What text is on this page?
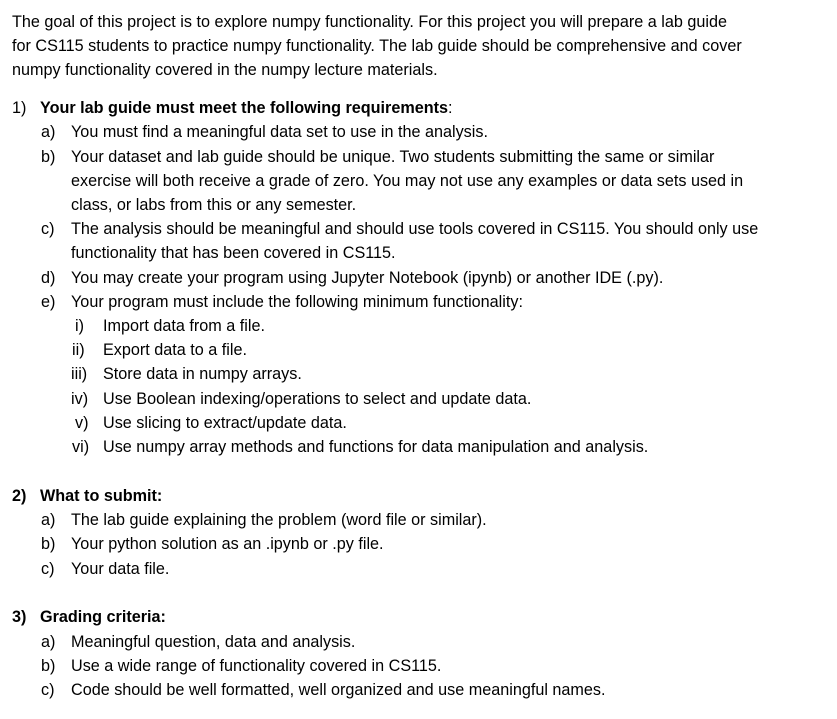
The goal of this project is to explore numpy functionality. For this project you will prepare a lab guide
for CS115 students to practice numpy functionality. The lab guide should be comprehensive and cover
numpy functionality covered in the numpy lecture materials.
1) Your lab guide must meet the following requirements:
a) You must find a meaningful data set to use in the analysis.
b) Your dataset and lab guide should be unique. Two students submitting the same or similar
exercise will both receive a grade of zero. You may not use any examples or data sets used in
class, or labs from this or any semester.
c) The analysis should be meaningful and should use tools covered in CS115. You should only use
functionality that has been covered in CS115.
d) You may create your program using Jupyter Notebook (ipynb) or another IDE (.py).
e) Your program must include the following minimum functionality:
i) Import data from a file.
ii) Export data to a file.
iii) Store data in numpy arrays.
iv) Use Boolean indexing/operations to select and update data.
v) Use slicing to extract/update data.
vi) Use numpy array methods and functions for data manipulation and analysis.
2) What to submit:
a) The lab guide explaining the problem (word file or similar).
b) Your python solution as an .ipynb or .py file.
c) Your data file.
3) Grading criteria:
a) Meaningful question, data and analysis.
b) Use a wide range of functionality covered in CS115.
c) Code should be well formatted, well organized and use meaningful names.
